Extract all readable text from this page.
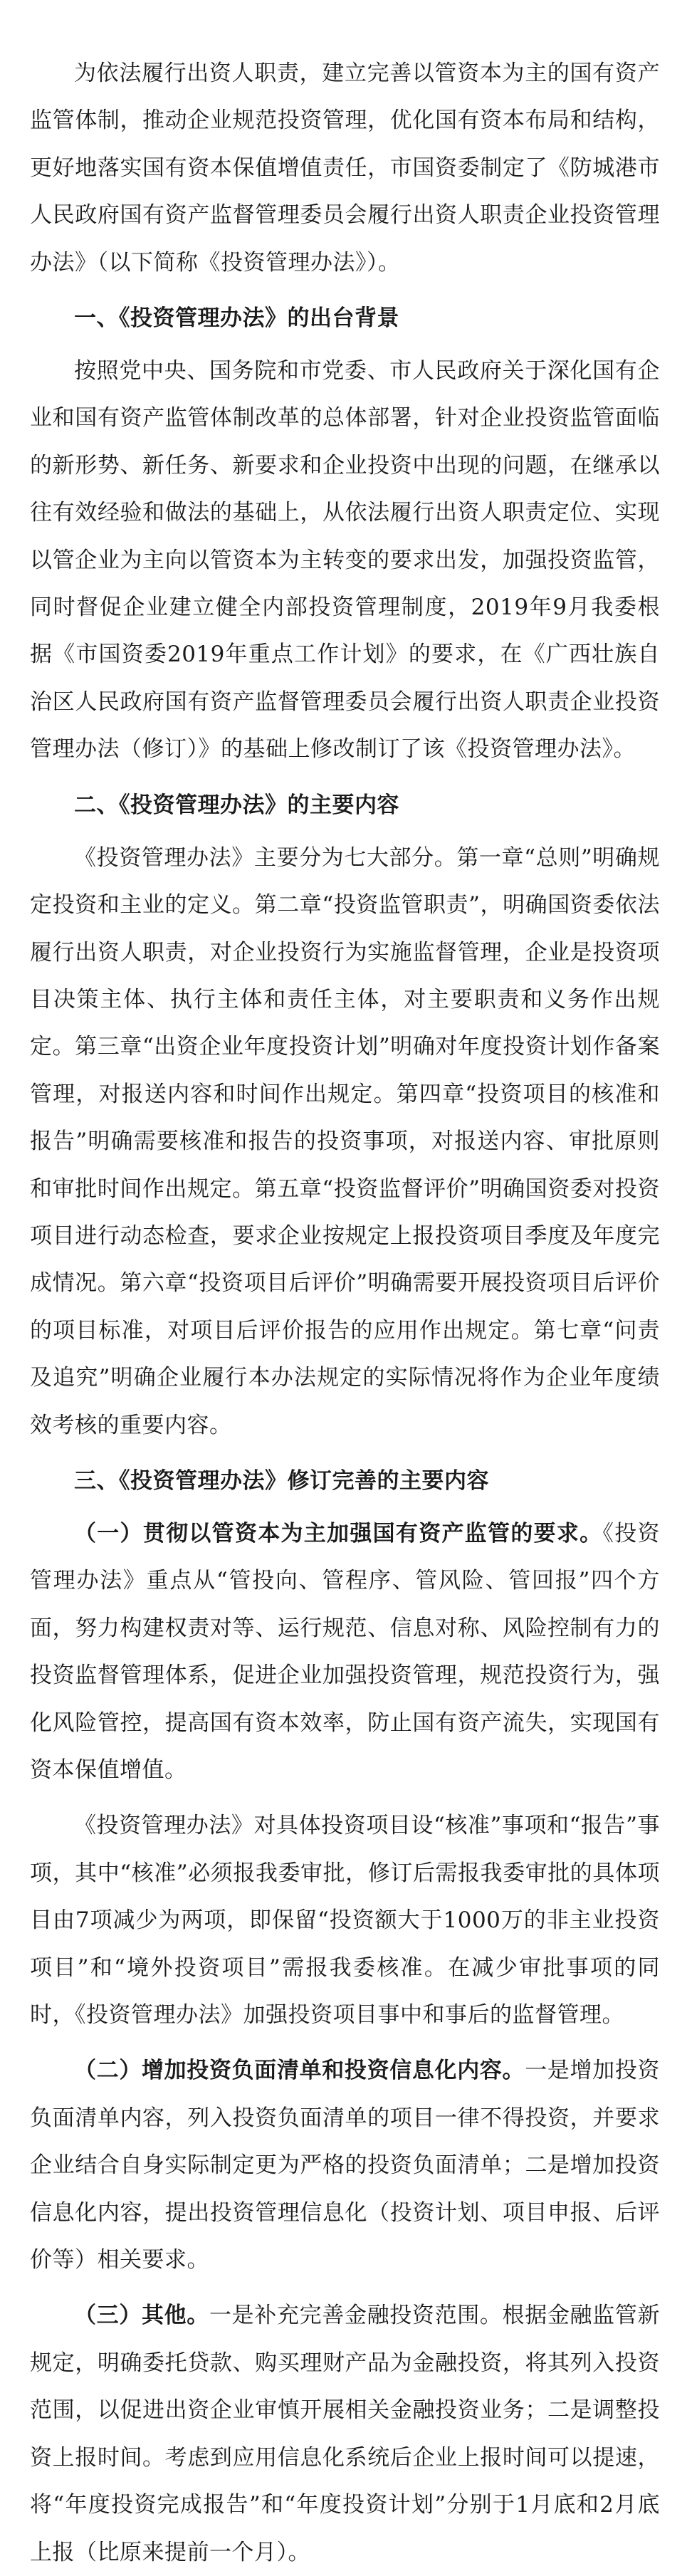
为依法履行出资人职责，建立完善以管资本为主的国有资产监管体制，推动企业规范投资管理，优化国有资本布局和结构，更好地落实国有资本保值增值责任，市国资委制定了《防城港市人民政府国有资产监督管理委员会履行出资人职责企业投资管理办法》（以下简称《投资管理办法》）。

一、《投资管理办法》的出台背景

按照党中央、国务院和市党委、市人民政府关于深化国有企业和国有资产监管体制改革的总体部署，针对企业投资监管面临的新形势、新任务、新要求和企业投资中出现的问题，在继承以往有效经验和做法的基础上，从依法履行出资人职责定位、实现以管企业为主向以管资本为主转变的要求出发，加强投资监管，同时督促企业建立健全内部投资管理制度，2019年9月我委根据《市国资委2019年重点工作计划》的要求，在《广西壮族自治区人民政府国有资产监督管理委员会履行出资人职责企业投资管理办法（修订）》的基础上修改制订了该《投资管理办法》。

二、《投资管理办法》的主要内容

《投资管理办法》主要分为七大部分。第一章“总则”明确规定投资和主业的定义。第二章“投资监管职责”，明确国资委依法履行出资人职责，对企业投资行为实施监督管理，企业是投资项目决策主体、执行主体和责任主体，对主要职责和义务作出规定。第三章“出资企业年度投资计划”明确对年度投资计划作备案管理，对报送内容和时间作出规定。第四章“投资项目的核准和报告”明确需要核准和报告的投资事项，对报送内容、审批原则和审批时间作出规定。第五章“投资监督评价”明确国资委对投资项目进行动态检查，要求企业按规定上报投资项目季度及年度完成情况。第六章“投资项目后评价”明确需要开展投资项目后评价的项目标准，对项目后评价报告的应用作出规定。第七章“问责及追究”明确企业履行本办法规定的实际情况将作为企业年度绩效考核的重要内容。

三、《投资管理办法》修订完善的主要内容

（一）贯彻以管资本为主加强国有资产监管的要求。《投资管理办法》重点从“管投向、管程序、管风险、管回报”四个方面，努力构建权责对等、运行规范、信息对称、风险控制有力的投资监督管理体系，促进企业加强投资管理，规范投资行为，强化风险管控，提高国有资本效率，防止国有资产流失，实现国有资本保值增值。

《投资管理办法》对具体投资项目设“核准”事项和“报告”事项，其中“核准”必须报我委审批，修订后需报我委审批的具体项目由7项减少为两项，即保留“投资额大于1000万的非主业投资项目”和“境外投资项目”需报我委核准。在减少审批事项的同时，《投资管理办法》加强投资项目事中和事后的监督管理。

（二）增加投资负面清单和投资信息化内容。一是增加投资负面清单内容，列入投资负面清单的项目一律不得投资，并要求企业结合自身实际制定更为严格的投资负面清单；二是增加投资信息化内容，提出投资管理信息化（投资计划、项目申报、后评价等）相关要求。

（三）其他。一是补充完善金融投资范围。根据金融监管新规定，明确委托贷款、购买理财产品为金融投资，将其列入投资范围，以促进出资企业审慎开展相关金融投资业务；二是调整投资上报时间。考虑到应用信息化系统后企业上报时间可以提速，将“年度投资完成报告”和“年度投资计划”分别于1月底和2月底上报（比原来提前一个月）。
